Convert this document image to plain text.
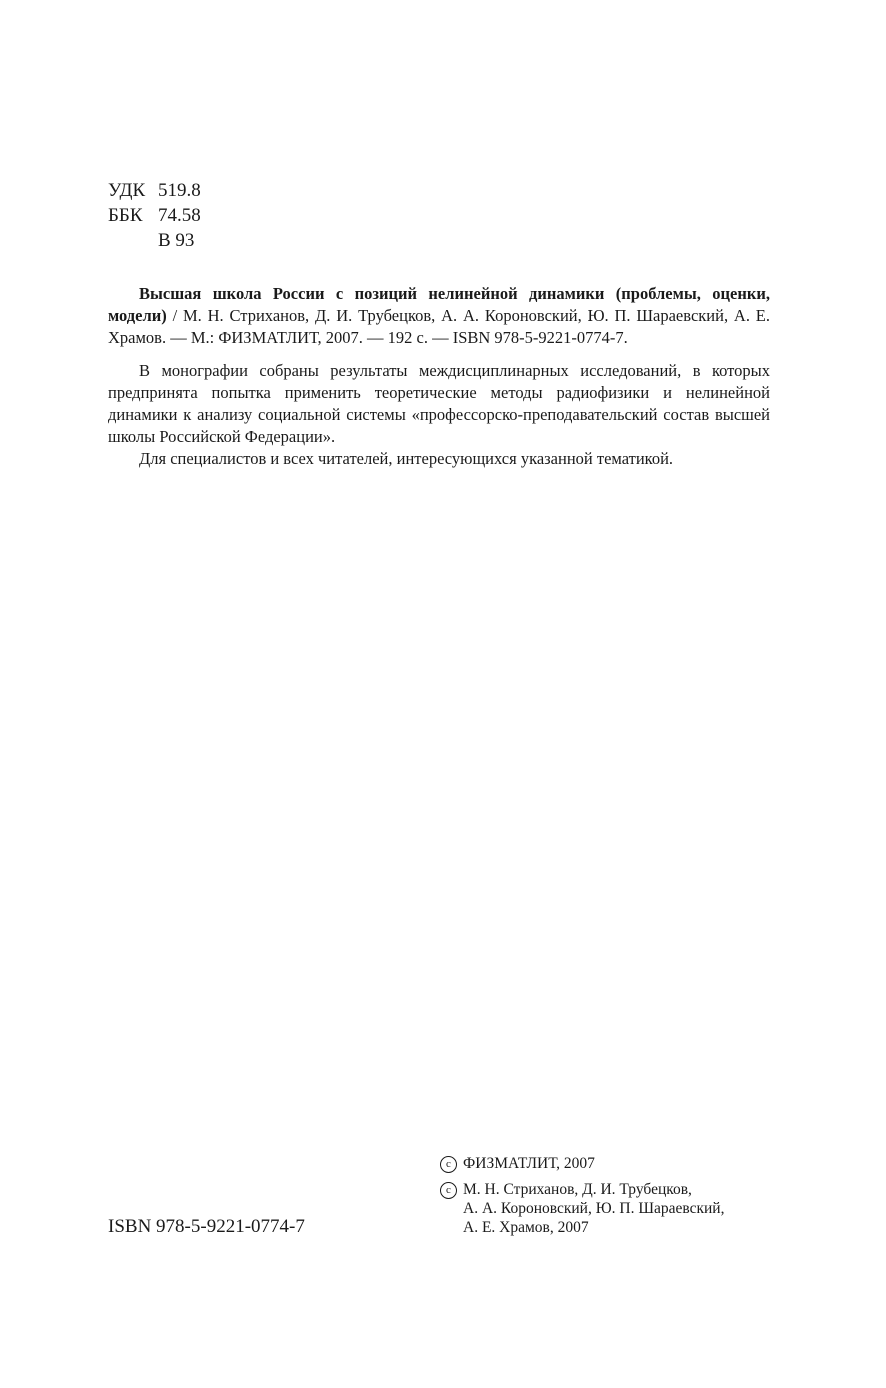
УДК 519.8
ББК 74.58
В 93

Высшая школа России с позиций нелинейной динамики (проблемы, оценки, модели) / М. Н. Стриханов, Д. И. Трубецков, А. А. Короновский, Ю. П. Шараевский, А. Е. Храмов. — М.: ФИЗМАТЛИТ, 2007. — 192 с. — ISBN 978-5-9221-0774-7.

В монографии собраны результаты междисциплинарных исследований, в которых предпринята попытка применить теоретические методы радиофизики и нелинейной динамики к анализу социальной системы «профессорско-преподавательский состав высшей школы Российской Федерации».

Для специалистов и всех читателей, интересующихся указанной тематикой.

ISBN 978-5-9221-0774-7
c ФИЗМАТЛИТ, 2007
c М. Н. Стриханов, Д. И. Трубецков,
А. А. Короновский, Ю. П. Шараевский,
А. Е. Храмов, 2007
